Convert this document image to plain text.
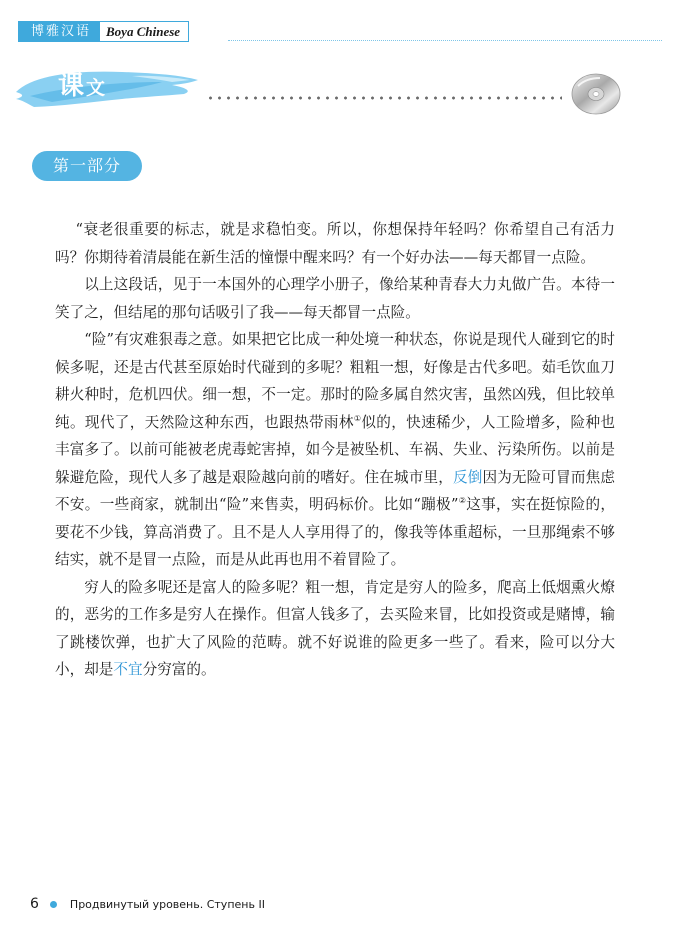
博雅汉语	Boya Chinese
课文
第一部分

“衰老很重要的标志，就是求稳怕变。所以，你想保持年轻吗？你希望自己有活力吗？你期待着清晨能在新生活的憧憬中醒来吗？有一个好办法——每天都冒一点险。

以上这段话，见于一本国外的心理学小册子，像给某种青春大力丸做广告。本待一笑了之，但结尾的那句话吸引了我——每天都冒一点险。

“险”有灾难狠毒之意。如果把它比成一种处境一种状态，你说是现代人碰到它的时候多呢，还是古代甚至原始时代碰到的多呢？粗粗一想，好像是古代多吧。茹毛饮血刀耕火种时，危机四伏。细一想，不一定。那时的险多属自然灾害，虽然凶残，但比较单纯。现代了，天然险这种东西，也跟热带雨林①似的，快速稀少，人工险增多，险种也丰富多了。以前可能被老虎毒蛇害掉，如今是被坠机、车祸、失业、污染所伤。以前是躲避危险，现代人多了越是艰险越向前的嗜好。住在城市里，反倒因为无险可冒而焦虑不安。一些商家，就制出“险”来售卖，明码标价。比如“蹦极”②这事，实在挺惊险的，要花不少钱，算高消费了。且不是人人享用得了的，像我等体重超标，一旦那绳索不够结实，就不是冒一点险，而是从此再也用不着冒险了。

穷人的险多呢还是富人的险多呢？粗一想，肯定是穷人的险多，爬高上低烟熏火燎的，恶劣的工作多是穷人在操作。但富人钱多了，去买险来冒，比如投资或是赌博，输了跳楼饮弹，也扩大了风险的范畴。就不好说谁的险更多一些了。看来，险可以分大小，却是不宜分穷富的。

6	Продвинутый уровень. Ступень II
